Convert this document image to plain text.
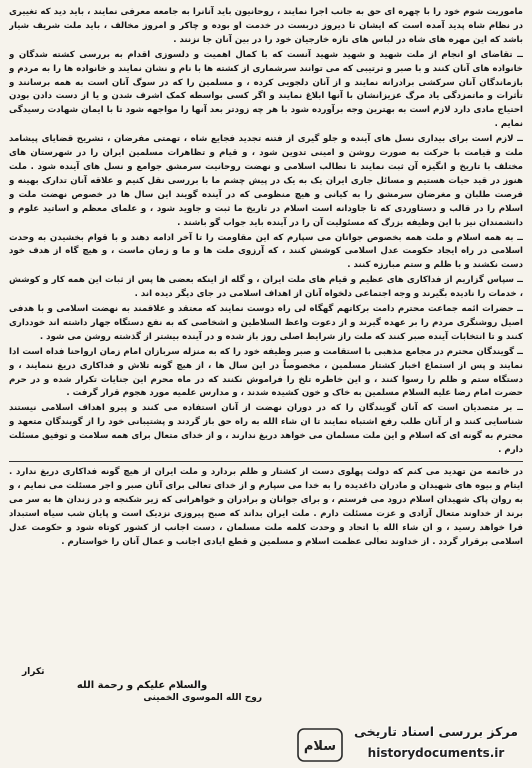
ماموریت شوم خود را با چهره ای حق به جانب اجرا نمایند ، روحانیون باید آنانرا به جامعه معرفی نمایند ، باید دید که تغییری در نظام شاه پدید آمده است که ایشان تا دیروز دربست در خدمت او بوده و چاکر و امروز مخالف ، باید ملت شریف شیار باشد که این مهره های شاه در لباس های تازه خارجیان خود را در بین آنان جا نزنند .

ــ تقاضای او انجام از ملت شهید و شهید شهید آنست که با کمال اهمیت و دلسوزی اقدام به بررسی کشته شدگان و خانواده های آنان کنند و با صبر و ترتیبی که می توانند سرشماری از کشته ها با نام و نشان نمایند و خانواده ها را به مردم و بازماندگان آنان سرکشی برادرانه نمایند و از آنان دلجویی کرده ، و مسلمین را که در سوگ آنان است به همه برسانند و تأثرات و ماتمزدگی یاد مرگ عزیزانشان با آنها ابلاغ نمایند و اگر کسی بواسطه کمک اشرف شدن و یا از دست دادن بودن احتیاج مادی دارد لازم است به بهترین وجه برآورده شود با هر چه زودتر بعد آنها را مواجهه شود تا با ایمان شهادت رسیدگی نمایم .

ــ لازم است برای بیداری نسل های آینده و جلو گیری از فتنه تجدید فجایع شاه ، تهمتی مفرضان ، تشریح قضایای پیشامد ملت و قیامت با حرکت به صورت روشن و امینی تدوین شود ، و قیام و تظاهرات مسلمین ایران را در شهرستان های مختلف با تاریخ و انگیزه آن ثبت نمایند تا نطالب اسلامی و نهضت روحانیت سرمشق جوامع و نسل های آینده شود . ملت هنوز در قید حیات هستیم و مسائل جاری ایران یک به یک در پیش چشم ما با بررسی نقل کنیم و علاقه آنان تدارک بهینه و فرصت طلبان و مغرضان سرمشق را به کیانی و هیچ منظومی که در آینده گویند این سال ها در خصوص نهضت ملت و اسلام را در قالب و دستاوردی که تا جاودانه است اسلام در تاریخ ما ثبت و جاوید شود ، و علمای معظم و اساتید علوم و دانشمندان نیز با این وظیفه بزرگ که مسئولیت آن را در آینده باید جواب گو باشند .

ــ به همه اسلام و ملت همه بخصوص جوانان می سپارم که این مقاومت را تا آخر ادامه دهند و با قوام بخشیدن به وحدت اسلامی در راه ایجاد حکومت عدل اسلامی کوشش کنند ، که آرزوی ملت ها و ما و زمان ماست ، و هیچ گاه از هدف خود دست نکشند و با ظلم و ستم مبارزه کنند .

ــ سپاس گزاریم از فداکاری های عظیم و قیام های ملت ایران ، و گله از اینکه بعضی ها پس از ثبات این همه کار و کوشش ، خدمات را نادیده بگیرند و وجه اجتماعی دلخواه آنان از اهداف اسلامی در جای دیگر دیده اند .

ــ حضرات ائمه جماعت محترم دامت برکاتهم گهگاه لی راه دوست نمایند که معتقد و علاقمند به نهضت اسلامی و با هدفی اصیل روشنگری مردم را بر عهده گیرند و از دعوت واعظ السلاطین و اشخاصی که به نفع دستگاه جهار داشته اند خودداری کنند و تا انتخابات آینده صبر کنند که ملت راز شرایط اصلی روز باز شده و در آینده بیشتر از گذشته روشن می شود .

ــ گویندگان محترم در مجامع مذهبی با استقامت و صبر وظیفه خود را که به منزله سربازان امام زمان ارواحنا فداه است ادا نمایند و پس از استماع اخبار کشتار مسلمین ، مخصوصاً در این سال ها ، از هیچ گونه تلاش و فداکاری دریغ ننمایند ، و دستگاه ستم و ظلم را رسوا کنند ، و این خاطره تلخ را فراموش نکنند که در ماه محرم این جنایات تکرار شده و در حرم حضرت امام رضا علیه السلام مسلمین به خاک و خون کشیده شدند ، و مدارس علمیه مورد هجوم قرار گرفت .

ــ بر متصدیان است که آنان گویندگان را که در دوران نهضت از آنان استفاده می کنند و پیرو اهداف اسلامی نیستند شناسایی کنند و از آنان طلب رفع اشتباه نمایند تا ان شاء الله به راه حق باز گردند و پشتیبانی خود را از گویندگان متعهد و محترم به گونه ای که اسلام و این ملت مسلمان می خواهد دریغ ندارند ، و از خدای متعال برای همه سلامت و توفیق مسئلت دارم .

در خاتمه من تهدید می کنم که دولت پهلوی دست از کشتار و ظلم بردارد و ملت ایران از هیچ گونه فداکاری دریغ ندارد . ایتام و بیوه های شهیدان و مادران داغدیده را به خدا می سپارم و از خدای تعالی برای آنان صبر و اجر مسئلت می نمایم ، و به روان پاک شهیدان اسلام درود می فرستم ، و برای جوانان و برادران و خواهرانی که زیر شکنجه و در زندان ها به سر می برند از خداوند متعال آزادی و عزت مسئلت دارم . ملت ایران بداند که صبح پیروزی نزدیک است و پایان شب سیاه استبداد فرا خواهد رسید ، و ان شاء الله با اتحاد و وحدت کلمه ملت مسلمان ، دست اجانب از کشور کوتاه شود و حکومت عدل اسلامی برقرار گردد . از خداوند تعالی عظمت اسلام و مسلمین و قطع ایادی اجانب و عمال آنان را خواستارم .

تکرار
والسلام علیکم و رحمة الله
روح الله الموسوی الخمینی
سلام
مرکز بررسی اسناد تاریخی
historydocuments.ir
